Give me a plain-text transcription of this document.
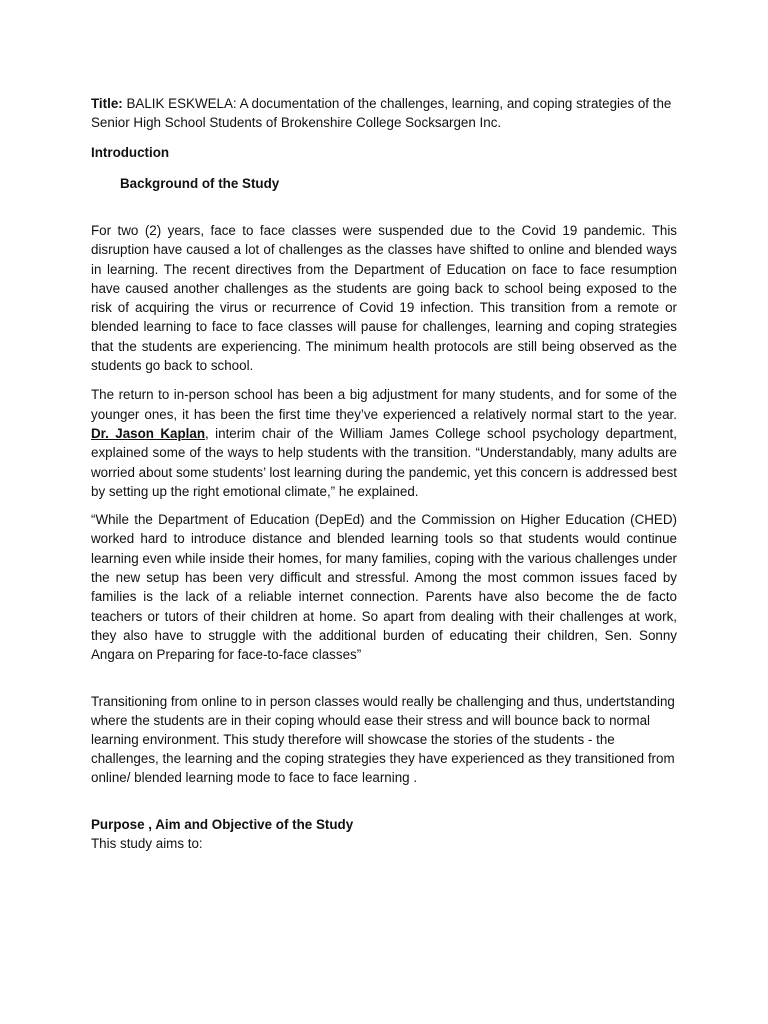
Title: BALIK ESKWELA: A documentation of the challenges, learning, and coping strategies of the Senior High School Students of Brokenshire College Socksargen Inc.

Introduction

Background of the Study

For two (2) years, face to face classes were suspended due to the Covid 19 pandemic. This disruption have caused a lot of challenges as the classes have shifted to online and blended ways in learning. The recent directives from the Department of Education on face to face resumption have caused another challenges as the students are going back to school being exposed to the risk of acquiring the virus or recurrence of Covid 19 infection. This transition from a remote or blended learning to face to face classes will pause for challenges, learning and coping strategies that the students are experiencing. The minimum health protocols are still being observed as the students go back to school.

The return to in-person school has been a big adjustment for many students, and for some of the younger ones, it has been the first time they’ve experienced a relatively normal start to the year. Dr. Jason Kaplan, interim chair of the William James College school psychology department, explained some of the ways to help students with the transition. “Understandably, many adults are worried about some students’ lost learning during the pandemic, yet this concern is addressed best by setting up the right emotional climate,” he explained.

“While the Department of Education (DepEd) and the Commission on Higher Education (CHED) worked hard to introduce distance and blended learning tools so that students would continue learning even while inside their homes, for many families, coping with the various challenges under the new setup has been very difficult and stressful. Among the most common issues faced by families is the lack of a reliable internet connection. Parents have also become the de facto teachers or tutors of their children at home. So apart from dealing with their challenges at work, they also have to struggle with the additional burden of educating their children, Sen. Sonny Angara on Preparing for face-to-face classes”

Transitioning from online to in person classes would really be challenging and thus, undertstanding where the students are in their coping whould ease their stress and will bounce back to normal learning environment. This study therefore will showcase the stories of the students - the challenges, the learning and the coping strategies they have experienced as they transitioned from online/ blended learning mode to face to face learning .

Purpose , Aim and Objective of the Study

This study aims to:
